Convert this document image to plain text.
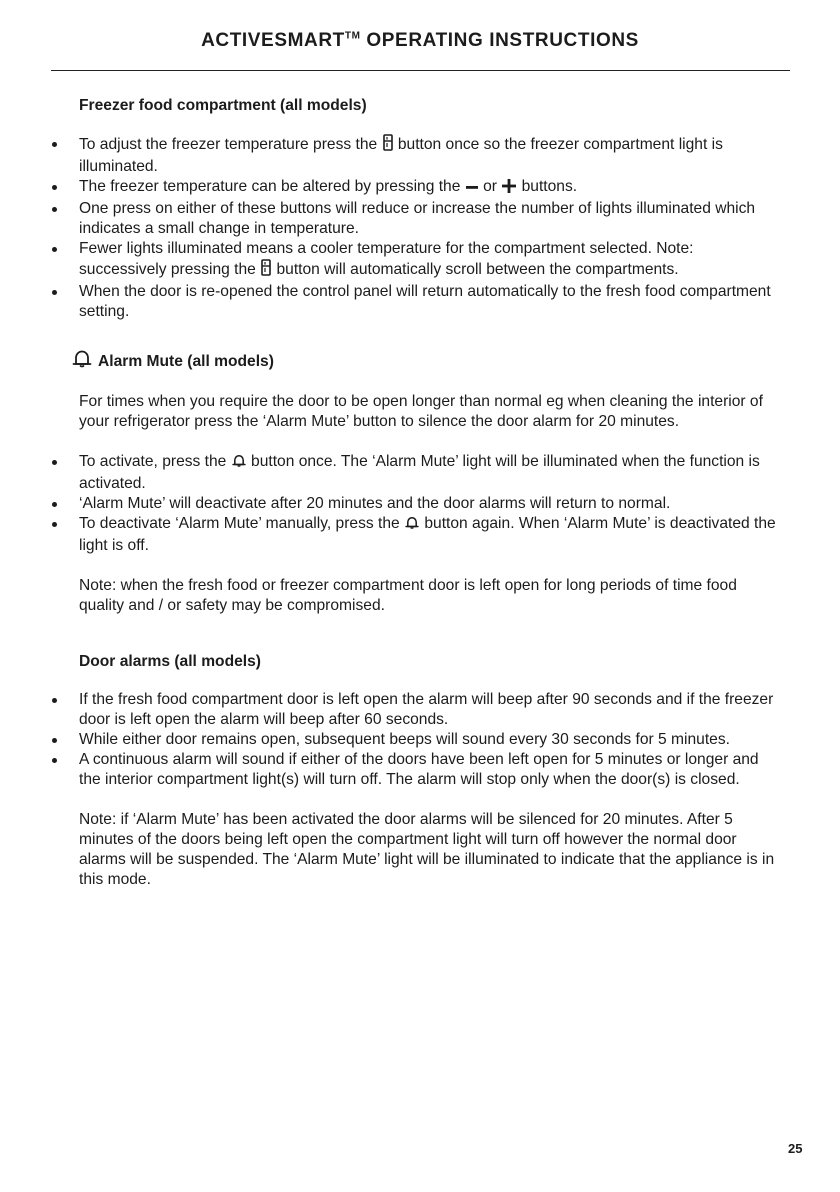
ACTIVESMART™ OPERATING INSTRUCTIONS
Freezer food compartment (all models)
To adjust the freezer temperature press the  button once so the freezer compartment light is illuminated.
The freezer temperature can be altered by pressing the  or  buttons.
One press on either of these buttons will reduce or increase the number of lights illuminated which indicates a small change in temperature.
Fewer lights illuminated means a cooler temperature for the compartment selected. Note: successively pressing the  button will automatically scroll between the compartments.
When the door is re-opened the control panel will return automatically to the fresh food compartment setting.
Alarm Mute (all models)

For times when you require the door to be open longer than normal eg when cleaning the interior of your refrigerator press the ‘Alarm Mute’ button to silence the door alarm for 20 minutes.

To activate, press the  button once. The ‘Alarm Mute’ light will be illuminated when the function is activated.
‘Alarm Mute’ will deactivate after 20 minutes and the door alarms will return to normal.
To deactivate ‘Alarm Mute’ manually, press the  button again. When ‘Alarm Mute’ is deactivated the light is off.

Note: when the fresh food or freezer compartment door is left open for long periods of time food quality and / or safety may be compromised.

Door alarms (all models)
If the fresh food compartment door is left open the alarm will beep after 90 seconds and if the freezer door is left open the alarm will beep after 60 seconds.
While either door remains open, subsequent beeps will sound every 30 seconds for 5 minutes.
A continuous alarm will sound if either of the doors have been left open for 5 minutes or longer and the interior compartment light(s) will turn off. The alarm will stop only when the door(s) is closed.

Note: if ‘Alarm Mute’ has been activated the door alarms will be silenced for 20 minutes. After 5 minutes of the doors being left open the compartment light will turn off however the normal door alarms will be suspended. The ‘Alarm Mute’ light will be illuminated to indicate that the appliance is in this mode.

25
